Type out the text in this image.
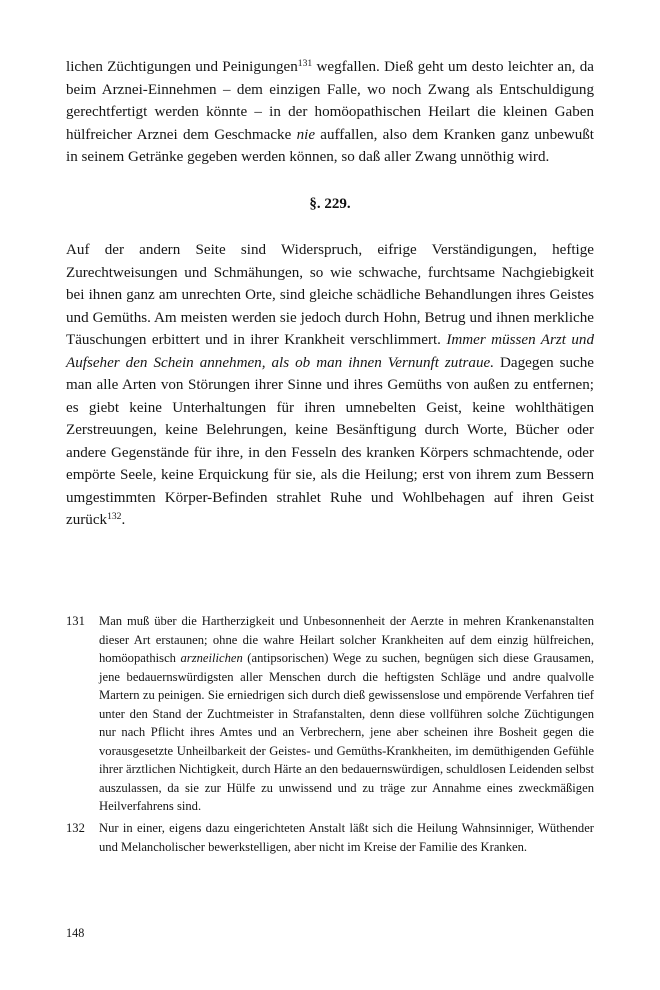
lichen Züchtigungen und Peinigungen$^{131}$ wegfallen. Dieß geht um desto leichter an, da beim Arznei-Einnehmen – dem einzigen Falle, wo noch Zwang als Entschuldigung gerechtfertigt werden könnte – in der homöopathischen Heilart die kleinen Gaben hülfreicher Arznei dem Geschmacke nie auffallen, also dem Kranken ganz unbewußt in seinem Getränke gegeben werden können, so daß aller Zwang unnöthig wird.

§. 229.

Auf der andern Seite sind Widerspruch, eifrige Verständigungen, heftige Zurechtweisungen und Schmähungen, so wie schwache, furchtsame Nachgiebigkeit bei ihnen ganz am unrechten Orte, sind gleiche schädliche Behandlungen ihres Geistes und Gemüths. Am meisten werden sie jedoch durch Hohn, Betrug und ihnen merkliche Täuschungen erbittert und in ihrer Krankheit verschlimmert. Immer müssen Arzt und Aufseher den Schein annehmen, als ob man ihnen Vernunft zutraue. Dagegen suche man alle Arten von Störungen ihrer Sinne und ihres Gemüths von außen zu entfernen; es giebt keine Unterhaltungen für ihren umnebelten Geist, keine wohlthätigen Zerstreuungen, keine Belehrungen, keine Besänftigung durch Worte, Bücher oder andere Gegenstände für ihre, in den Fesseln des kranken Körpers schmachtende, oder empörte Seele, keine Erquickung für sie, als die Heilung; erst von ihrem zum Bessern umgestimmten Körper-Befinden strahlet Ruhe und Wohlbehagen auf ihren Geist zurück$^{132}$.

131	Man muß über die Hartherzigkeit und Unbesonnenheit der Aerzte in mehren Krankenanstalten dieser Art erstaunen; ohne die wahre Heilart solcher Krankheiten auf dem einzig hülfreichen, homöopathisch arzneilichen (antipsorischen) Wege zu suchen, begnügen sich diese Grausamen, jene bedauernswürdigsten aller Menschen durch die heftigsten Schläge und andre qualvolle Martern zu peinigen. Sie erniedrigen sich durch dieß gewissenslose und empörende Verfahren tief unter den Stand der Zuchtmeister in Strafanstalten, denn diese vollführen solche Züchtigungen nur nach Pflicht ihres Amtes und an Verbrechern, jene aber scheinen ihre Bosheit gegen die vorausgesetzte Unheilbarkeit der Geistes- und Gemüths-Krankheiten, im demüthigenden Gefühle ihrer ärztlichen Nichtigkeit, durch Härte an den bedauernswürdigen, schuldlosen Leidenden selbst auszulassen, da sie zur Hülfe zu unwissend und zu träge zur Annahme eines zweckmäßigen Heilverfahrens sind.
132	Nur in einer, eigens dazu eingerichteten Anstalt läßt sich die Heilung Wahnsinniger, Wüthender und Melancholischer bewerkstelligen, aber nicht im Kreise der Familie des Kranken.
148
